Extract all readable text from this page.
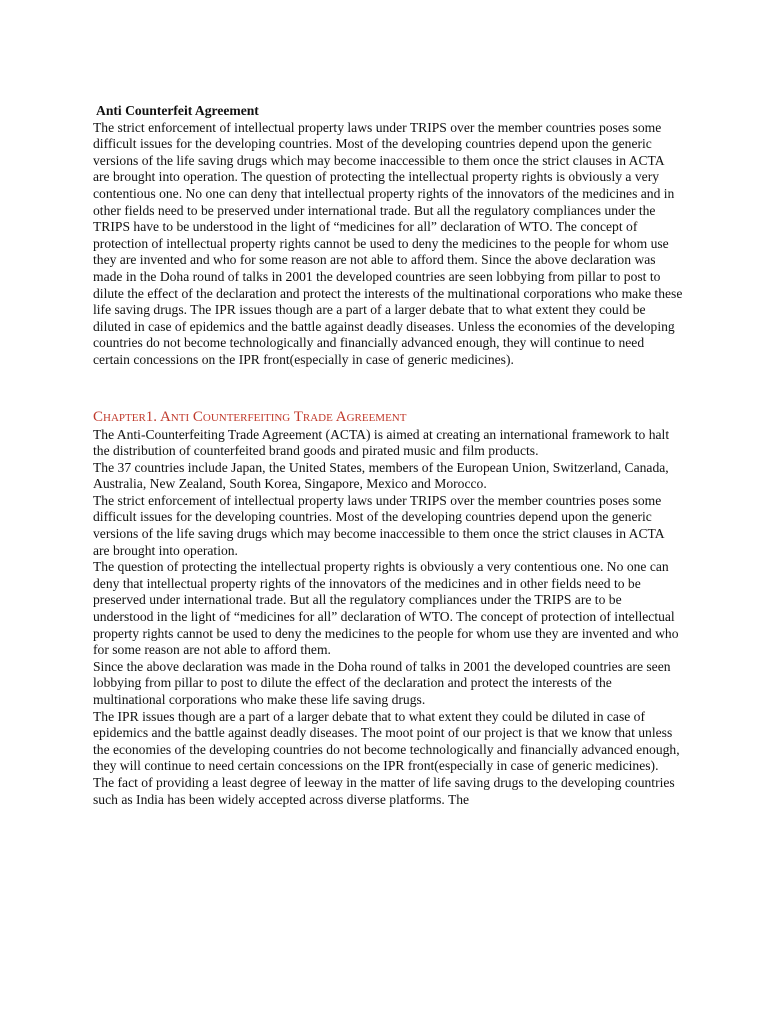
Anti Counterfeit Agreement

The strict enforcement of intellectual property laws under TRIPS over the member countries poses some difficult issues for the developing countries. Most of the developing countries depend upon the generic versions of the life saving drugs which may become inaccessible to them once the strict clauses in ACTA are brought into operation. The question of protecting the intellectual property rights is obviously a very contentious one. No one can deny that intellectual property rights of the innovators of the medicines and in other fields need to be preserved under international trade. But all the regulatory compliances under the TRIPS have to be understood in the light of “medicines for all” declaration of WTO. The concept of protection of intellectual property rights cannot be used to deny the medicines to the people for whom use they are invented and who for some reason are not able to afford them. Since the above declaration was made in the Doha round of talks in 2001 the developed countries are seen lobbying from pillar to post to dilute the effect of the declaration and protect the interests of the multinational corporations who make these life saving drugs. The IPR issues though are a part of a larger debate that to what extent they could be diluted in case of epidemics and the battle against deadly diseases. Unless the economies of the developing countries do not become technologically and financially advanced enough, they will continue to need certain concessions on the IPR front(especially in case of generic medicines).

Chapter1. Anti Counterfeiting Trade Agreement

The Anti-Counterfeiting Trade Agreement (ACTA) is aimed at creating an international framework to halt the distribution of counterfeited brand goods and pirated music and film products.

The 37 countries include Japan, the United States, members of the European Union, Switzerland, Canada, Australia, New Zealand, South Korea, Singapore, Mexico and Morocco.

The strict enforcement of intellectual property laws under TRIPS over the member countries poses some difficult issues for the developing countries. Most of the developing countries depend upon the generic versions of the life saving drugs which may become inaccessible to them once the strict clauses in ACTA are brought into operation.

The question of protecting the intellectual property rights is obviously a very contentious one. No one can deny that intellectual property rights of the innovators of the medicines and in other fields need to be preserved under international trade. But all the regulatory compliances under the TRIPS are to be understood in the light of “medicines for all” declaration of WTO. The concept of protection of intellectual property rights cannot be used to deny the medicines to the people for whom use they are invented and who for some reason are not able to afford them.

Since the above declaration was made in the Doha round of talks in 2001 the developed countries are seen lobbying from pillar to post to dilute the effect of the declaration and protect the interests of the multinational corporations who make these life saving drugs.

The IPR issues though are a part of a larger debate that to what extent they could be diluted in case of epidemics and the battle against deadly diseases. The moot point of our project is that we know that unless the economies of the developing countries do not become technologically and financially advanced enough, they will continue to need certain concessions on the IPR front(especially in case of generic medicines).

The fact of providing a least degree of leeway in the matter of life saving drugs to the developing countries such as India has been widely accepted across diverse platforms. The
